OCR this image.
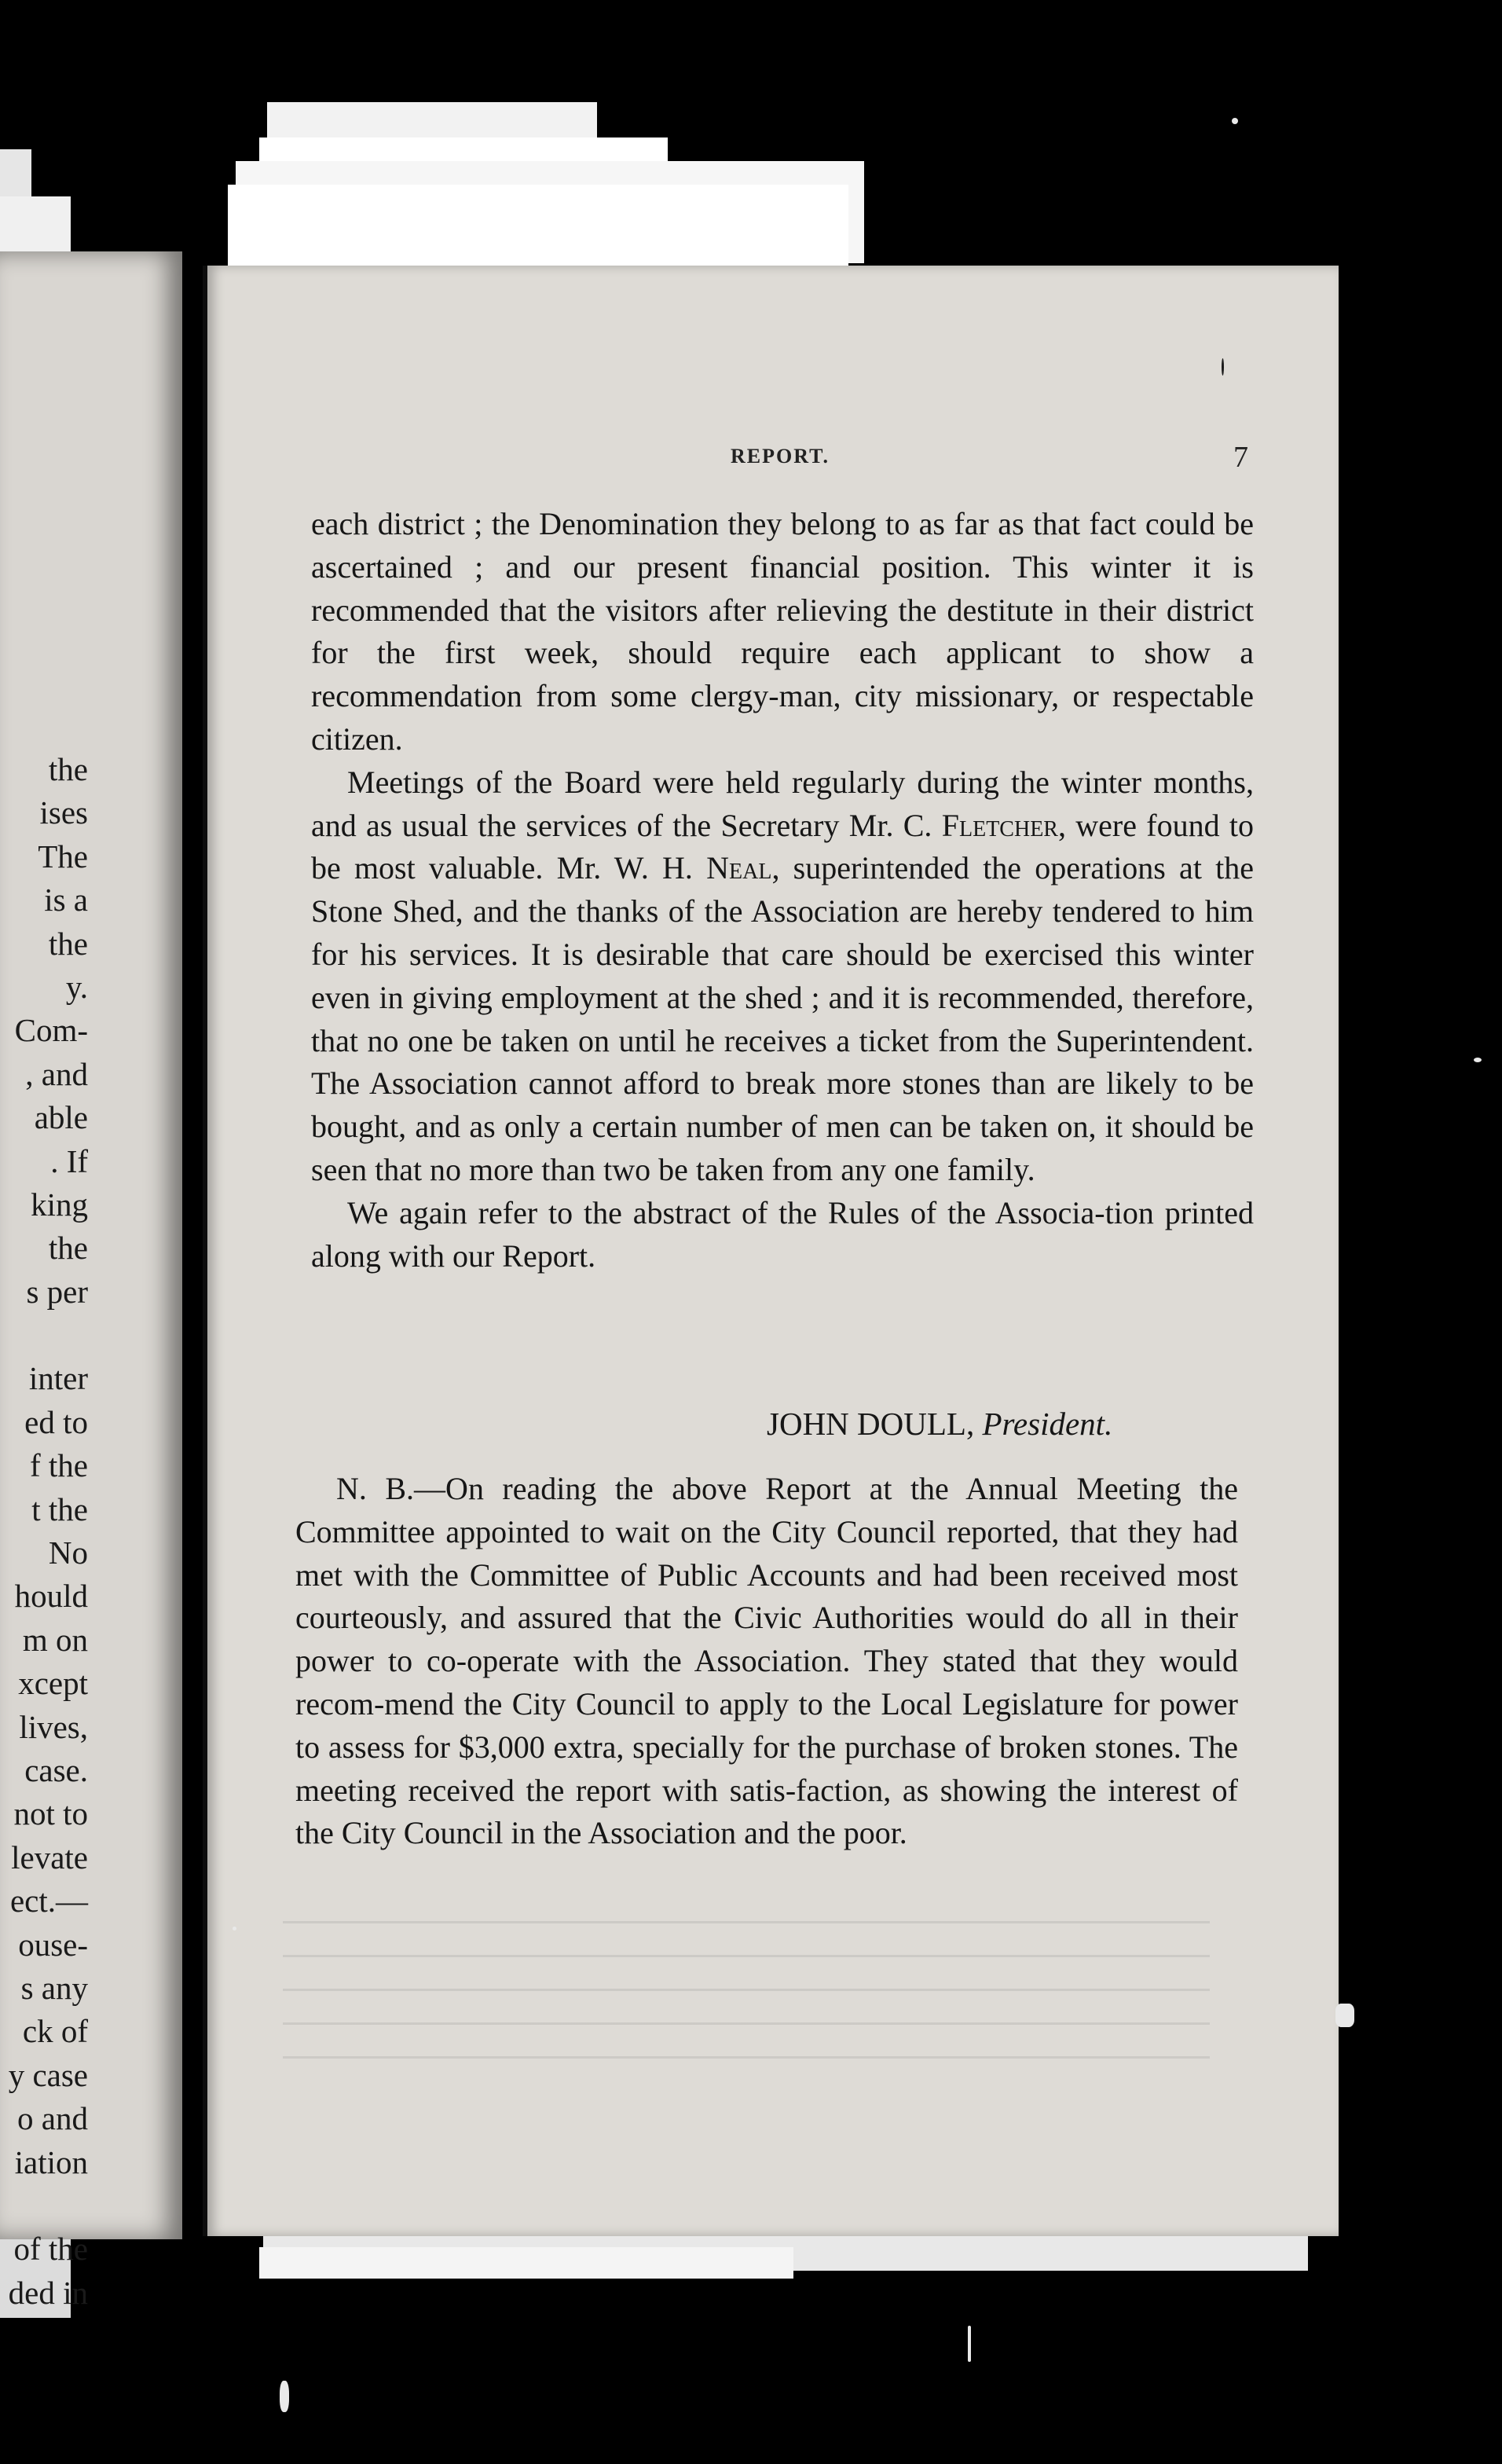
the
ises
The
is a
the
y.
Com-
, and
able
. If
king
the
s per
inter
ed to
f the
t the
No
hould
m on
xcept
lives,
case.
not to
levate
ect.—
ouse-
s any
ck of
y case
o and
iation
of the
ded in
REPORT.	7

each district ; the Denomination they belong to as far as that fact could be ascertained ; and our present financial position. This winter it is recommended that the visitors after relieving the destitute in their district for the first week, should require each applicant to show a recommendation from some clergy-man, city missionary, or respectable citizen.

Meetings of the Board were held regularly during the winter months, and as usual the services of the Secretary Mr. C. Fletcher, were found to be most valuable. Mr. W. H. Neal, superintended the operations at the Stone Shed, and the thanks of the Association are hereby tendered to him for his services. It is desirable that care should be exercised this winter even in giving employment at the shed ; and it is recommended, therefore, that no one be taken on until he receives a ticket from the Superintendent. The Association cannot afford to break more stones than are likely to be bought, and as only a certain number of men can be taken on, it should be seen that no more than two be taken from any one family.

We again refer to the abstract of the Rules of the Associa-tion printed along with our Report.

JOHN DOULL, President.

N. B.—On reading the above Report at the Annual Meeting the Committee appointed to wait on the City Council reported, that they had met with the Committee of Public Accounts and had been received most courteously, and assured that the Civic Authorities would do all in their power to co-operate with the Association. They stated that they would recom-mend the City Council to apply to the Local Legislature for power to assess for $3,000 extra, specially for the purchase of broken stones. The meeting received the report with satis-faction, as showing the interest of the City Council in the Association and the poor.
